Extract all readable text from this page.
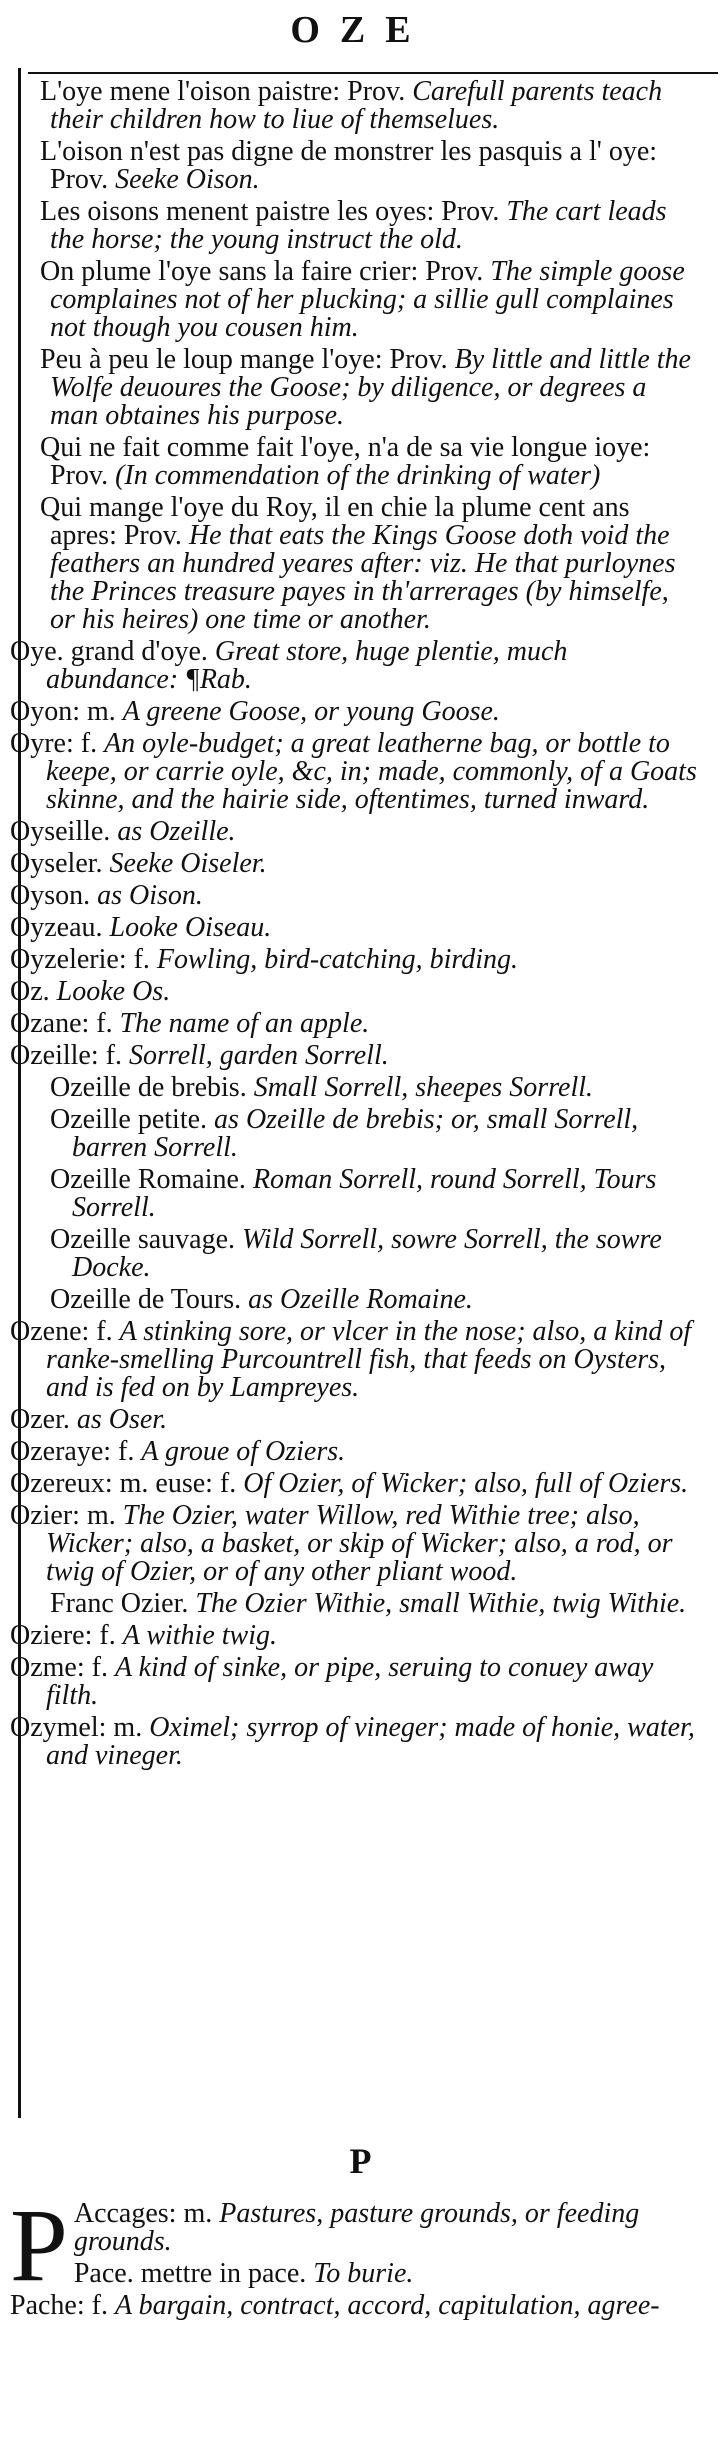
OZE
L'oye mene l'oison paistre: Prov. Carefull parents teach their children how to liue of themselues.
L'oison n'est pas digne de monstrer les pasquis a l' oye: Prov. Seeke Oison.
Les oisons menent paistre les oyes: Prov. The cart leads the horse; the young instruct the old.
On plume l'oye sans la faire crier: Prov. The simple goose complaines not of her plucking; a sillie gull complaines not though you cousen him.
Peu à peu le loup mange l'oye: Prov. By little and little the Wolfe deuoures the Goose; by diligence, or degrees a man obtaines his purpose.
Qui ne fait comme fait l'oye, n'a de sa vie longue ioye: Prov. (In commendation of the drinking of water)
Qui mange l'oye du Roy, il en chie la plume cent ans apres: Prov. He that eats the Kings Goose doth void the feathers an hundred yeares after: viz. He that purloynes the Princes treasure payes in th'arrerages (by himselfe, or his heires) one time or another.
Oye. grand d'oye. Great store, huge plentie, much abundance: ¶Rab.
Oyon: m. A greene Goose, or young Goose.
Oyre: f. An oyle-budget; a great leatherne bag, or bottle to keepe, or carrie oyle, &c, in; made, commonly, of a Goats skinne, and the hairie side, oftentimes, turned inward.
Oyseille. as Ozeille.
Oyseler. Seeke Oiseler.
Oyson. as Oison.
Oyzeau. Looke Oiseau.
Oyzelerie: f. Fowling, bird-catching, birding.
Oz. Looke Os.
Ozane: f. The name of an apple.
Ozeille: f. Sorrell, garden Sorrell.
Ozeille de brebis. Small Sorrell, sheepes Sorrell.
Ozeille petite. as Ozeille de brebis; or, small Sorrell, barren Sorrell.
Ozeille Romaine. Roman Sorrell, round Sorrell, Tours Sorrell.
Ozeille sauvage. Wild Sorrell, sowre Sorrell, the sowre Docke.
Ozeille de Tours. as Ozeille Romaine.
Ozene: f. A stinking sore, or vlcer in the nose; also, a kind of ranke-smelling Purcountrell fish, that feeds on Oysters, and is fed on by Lampreyes.
Ozer. as Oser.
Ozeraye: f. A groue of Oziers.
Ozereux: m. euse: f. Of Ozier, of Wicker; also, full of Oziers.
Ozier: m. The Ozier, water Willow, red Withie tree; also, Wicker; also, a basket, or skip of Wicker; also, a rod, or twig of Ozier, or of any other pliant wood.
Franc Ozier. The Ozier Withie, small Withie, twig Withie.
Oziere: f. A withie twig.
Ozme: f. A kind of sinke, or pipe, seruing to conuey away filth.
Ozymel: m. Oximel; syrrop of vineger; made of honie, water, and vineger.
P
P Accages: m. Pastures, pasture grounds, or feeding grounds.
Pace. mettre in pace. To burie.
Pache: f. A bargain, contract, accord, capitulation, agree-
